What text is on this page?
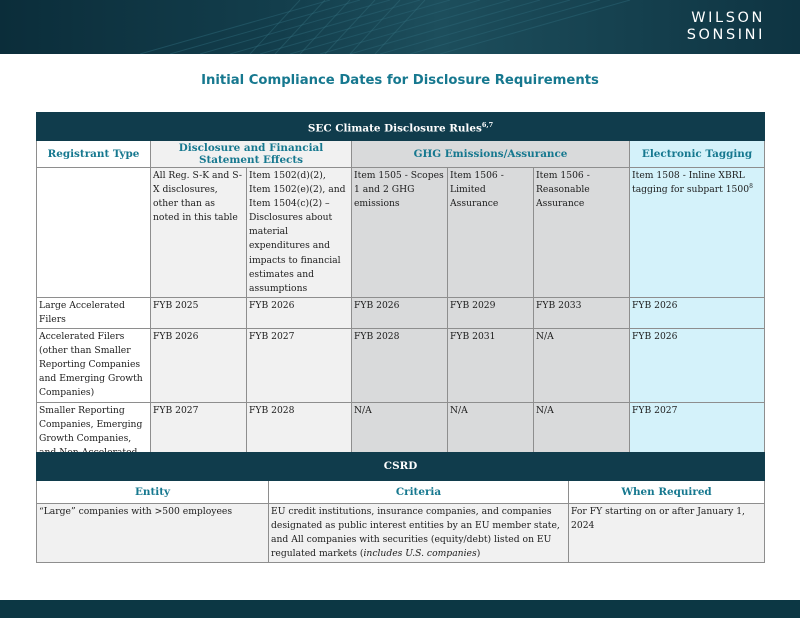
WILSON
SONSINI
Initial Compliance Dates for Disclosure Requirements
SEC Climate Disclosure Rules$^{6,7}$
Registrant Type	Disclosure and Financial Statement Effects		GHG Emissions/Assurance			Electronic Tagging
	All Reg. S-K and S-X disclosures, other than as noted in this table	Item 1502(d)(2), Item 1502(e)(2), and Item 1504(c)(2) – Disclosures about material expenditures and impacts to financial estimates and assumptions	Item 1505 - Scopes 1 and 2 GHG emissions	Item 1506 - Limited Assurance	Item 1506 - Reasonable Assurance	Item 1508 - Inline XBRL tagging for subpart 1500$^8$
Large Accelerated Filers	FYB 2025	FYB 2026	FYB 2026	FYB 2029	FYB 2033	FYB 2026
Accelerated Filers (other than Smaller Reporting Companies and Emerging Growth Companies)	FYB 2026	FYB 2027	FYB 2028	FYB 2031	N/A	FYB 2026
Smaller Reporting Companies, Emerging Growth Companies,	FYB 2027	FYB 2028	N/A	N/A	N/A	FYB 2027
CSRD		
Entity	Criteria	When Required
“Large” companies with >500 employees	EU credit institutions, insurance companies, and companies designated as public interest entities by an EU member state, and All companies with securities (equity/debt) listed on EU regulated markets (includes U.S. companies)	For FY starting on or after January 1, 2024
